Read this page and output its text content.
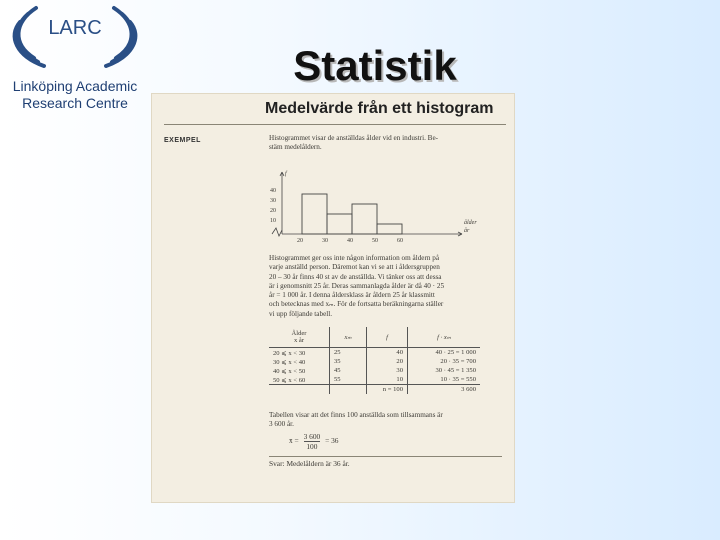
LARC
Linköping Academic
Research Centre
Statistik
Medelvärde från ett histogram
EXEMPEL	Histogrammet visar de anställdas ålder vid en industri. Be-

stäm medelåldern.

f
40
30
20
10
20	30	40	50	60
ålder
år

Histogrammet ger oss inte någon information om åldern på

varje anställd person. Däremot kan vi se att i åldersgruppen

20 – 30 år finns 40 st av de anställda. Vi tänker oss att dessa

är i genomsnitt 25 år. Deras sammanlagda ålder är då 40 · 25

år = 1 000 år. I denna åldersklass är åldern 25 år klassmitt

och betecknas med xₘ. För de fortsatta beräkningarna ställer

vi upp följande tabell.

Ålder
x år	xₘ	f	f · xₘ
20 ⩽ x < 30	25	40	40 · 25 = 1 000
30 ⩽ x < 40	35	20	20 · 35 = 700
40 ⩽ x < 50	45	30	30 · 45 = 1 350
50 ⩽ x < 60	55	10	10 · 35 = 550
		n = 100	3 600

Tabellen visar att det finns 100 anställda som tillsammans är

3 600 år.

x̄ = $\frac{3 600}{100} = 36$
Svar: Medelåldern är 36 år.
